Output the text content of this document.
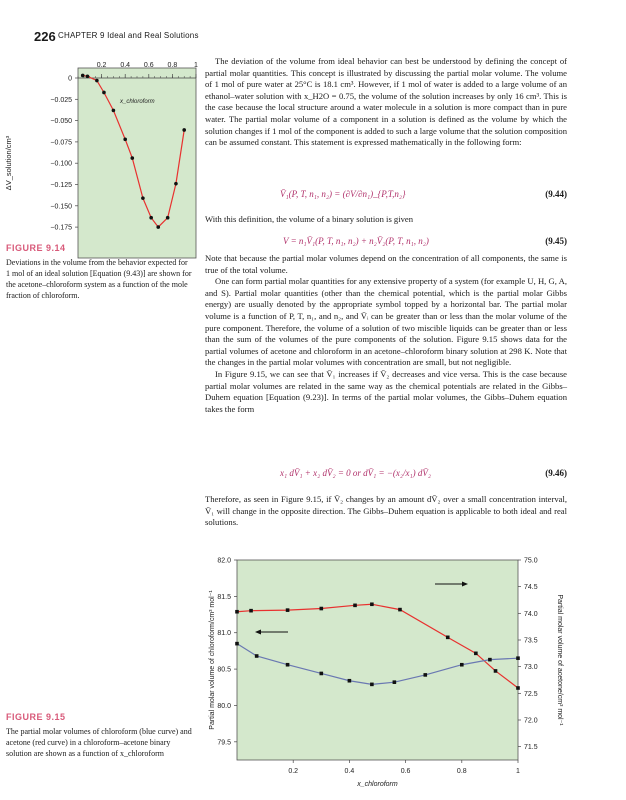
226 CHAPTER 9 Ideal and Real Solutions
0.2 0.4 0.6 0.8 1
0
−0.025
−0.050
−0.075
−0.100
−0.125
−0.150
−0.175
ΔV_solution/cm³
x_chloroform
FIGURE 9.14
Deviations in the volume from the behavior expected for 1 mol of an ideal solution [Equation (9.43)] are shown for the acetone–chloroform system as a function of the mole fraction of chloroform.

The deviation of the volume from ideal behavior can best be understood by defining the concept of partial molar quantities. This concept is illustrated by discussing the partial molar volume. The volume of 1 mol of pure water at 25°C is 18.1 cm³. However, if 1 mol of water is added to a large volume of an ethanol–water solution with x_H2O = 0.75, the volume of the solution increases by only 16 cm³. This is the case because the local structure around a water molecule in a solution is more compact than in pure water. The partial molar volume of a component in a solution is defined as the volume by which the solution changes if 1 mol of the component is added to such a large volume that the solution composition can be assumed constant. This statement is expressed mathematically in the following form:

V̄₁(P, T, n₁, n₂) = (∂V/∂n₁)_{P,T,n₂}	(9.44)

With this definition, the volume of a binary solution is given

V = n₁V̄₁(P, T, n₁, n₂) + n₂V̄₂(P, T, n₁, n₂)	(9.45)

Note that because the partial molar volumes depend on the concentration of all components, the same is true of the total volume.

One can form partial molar quantities for any extensive property of a system (for example U, H, G, A, and S). Partial molar quantities (other than the chemical potential, which is the partial molar Gibbs energy) are usually denoted by the appropriate symbol topped by a horizontal bar. The partial molar volume is a function of P, T, n₁, and n₂, and V̄ᵢ can be greater than or less than the molar volume of the pure component. Therefore, the volume of a solution of two miscible liquids can be greater than or less than the sum of the volumes of the pure components of the solution. Figure 9.15 shows data for the partial volumes of acetone and chloroform in an acetone–chloroform binary solution at 298 K. Note that the changes in the partial molar volumes with concentration are small, but not negligible.

In Figure 9.15, we can see that V̄₁ increases if V̄₂ decreases and vice versa. This is the case because partial molar volumes are related in the same way as the chemical potentials are related in the Gibbs–Duhem equation [Equation (9.23)]. In terms of the partial molar volumes, the Gibbs–Duhem equation takes the form

x₁ dV̄₁ + x₂ dV̄₂ = 0 or dV̄₁ = −(x₂/x₁) dV̄₂	(9.46)

Therefore, as seen in Figure 9.15, if V̄₂ changes by an amount dV̄₂ over a small concentration interval, V̄₁ will change in the opposite direction. The Gibbs–Duhem equation is applicable to both ideal and real solutions.

0.2	0.4	0.6	0.8	1
x_chloroform
82.0
81.5
81.0
80.5
80.0
79.5
75.0
74.5
74.0
73.5
73.0
72.5
72.0
71.5
Partial molar volume of chloroform/cm³ mol⁻¹	Partial molar volume of acetone/cm³ mol⁻¹
FIGURE 9.15
The partial molar volumes of chloroform (blue curve) and acetone (red curve) in a chloroform–acetone binary solution are shown as a function of x_chloroform
